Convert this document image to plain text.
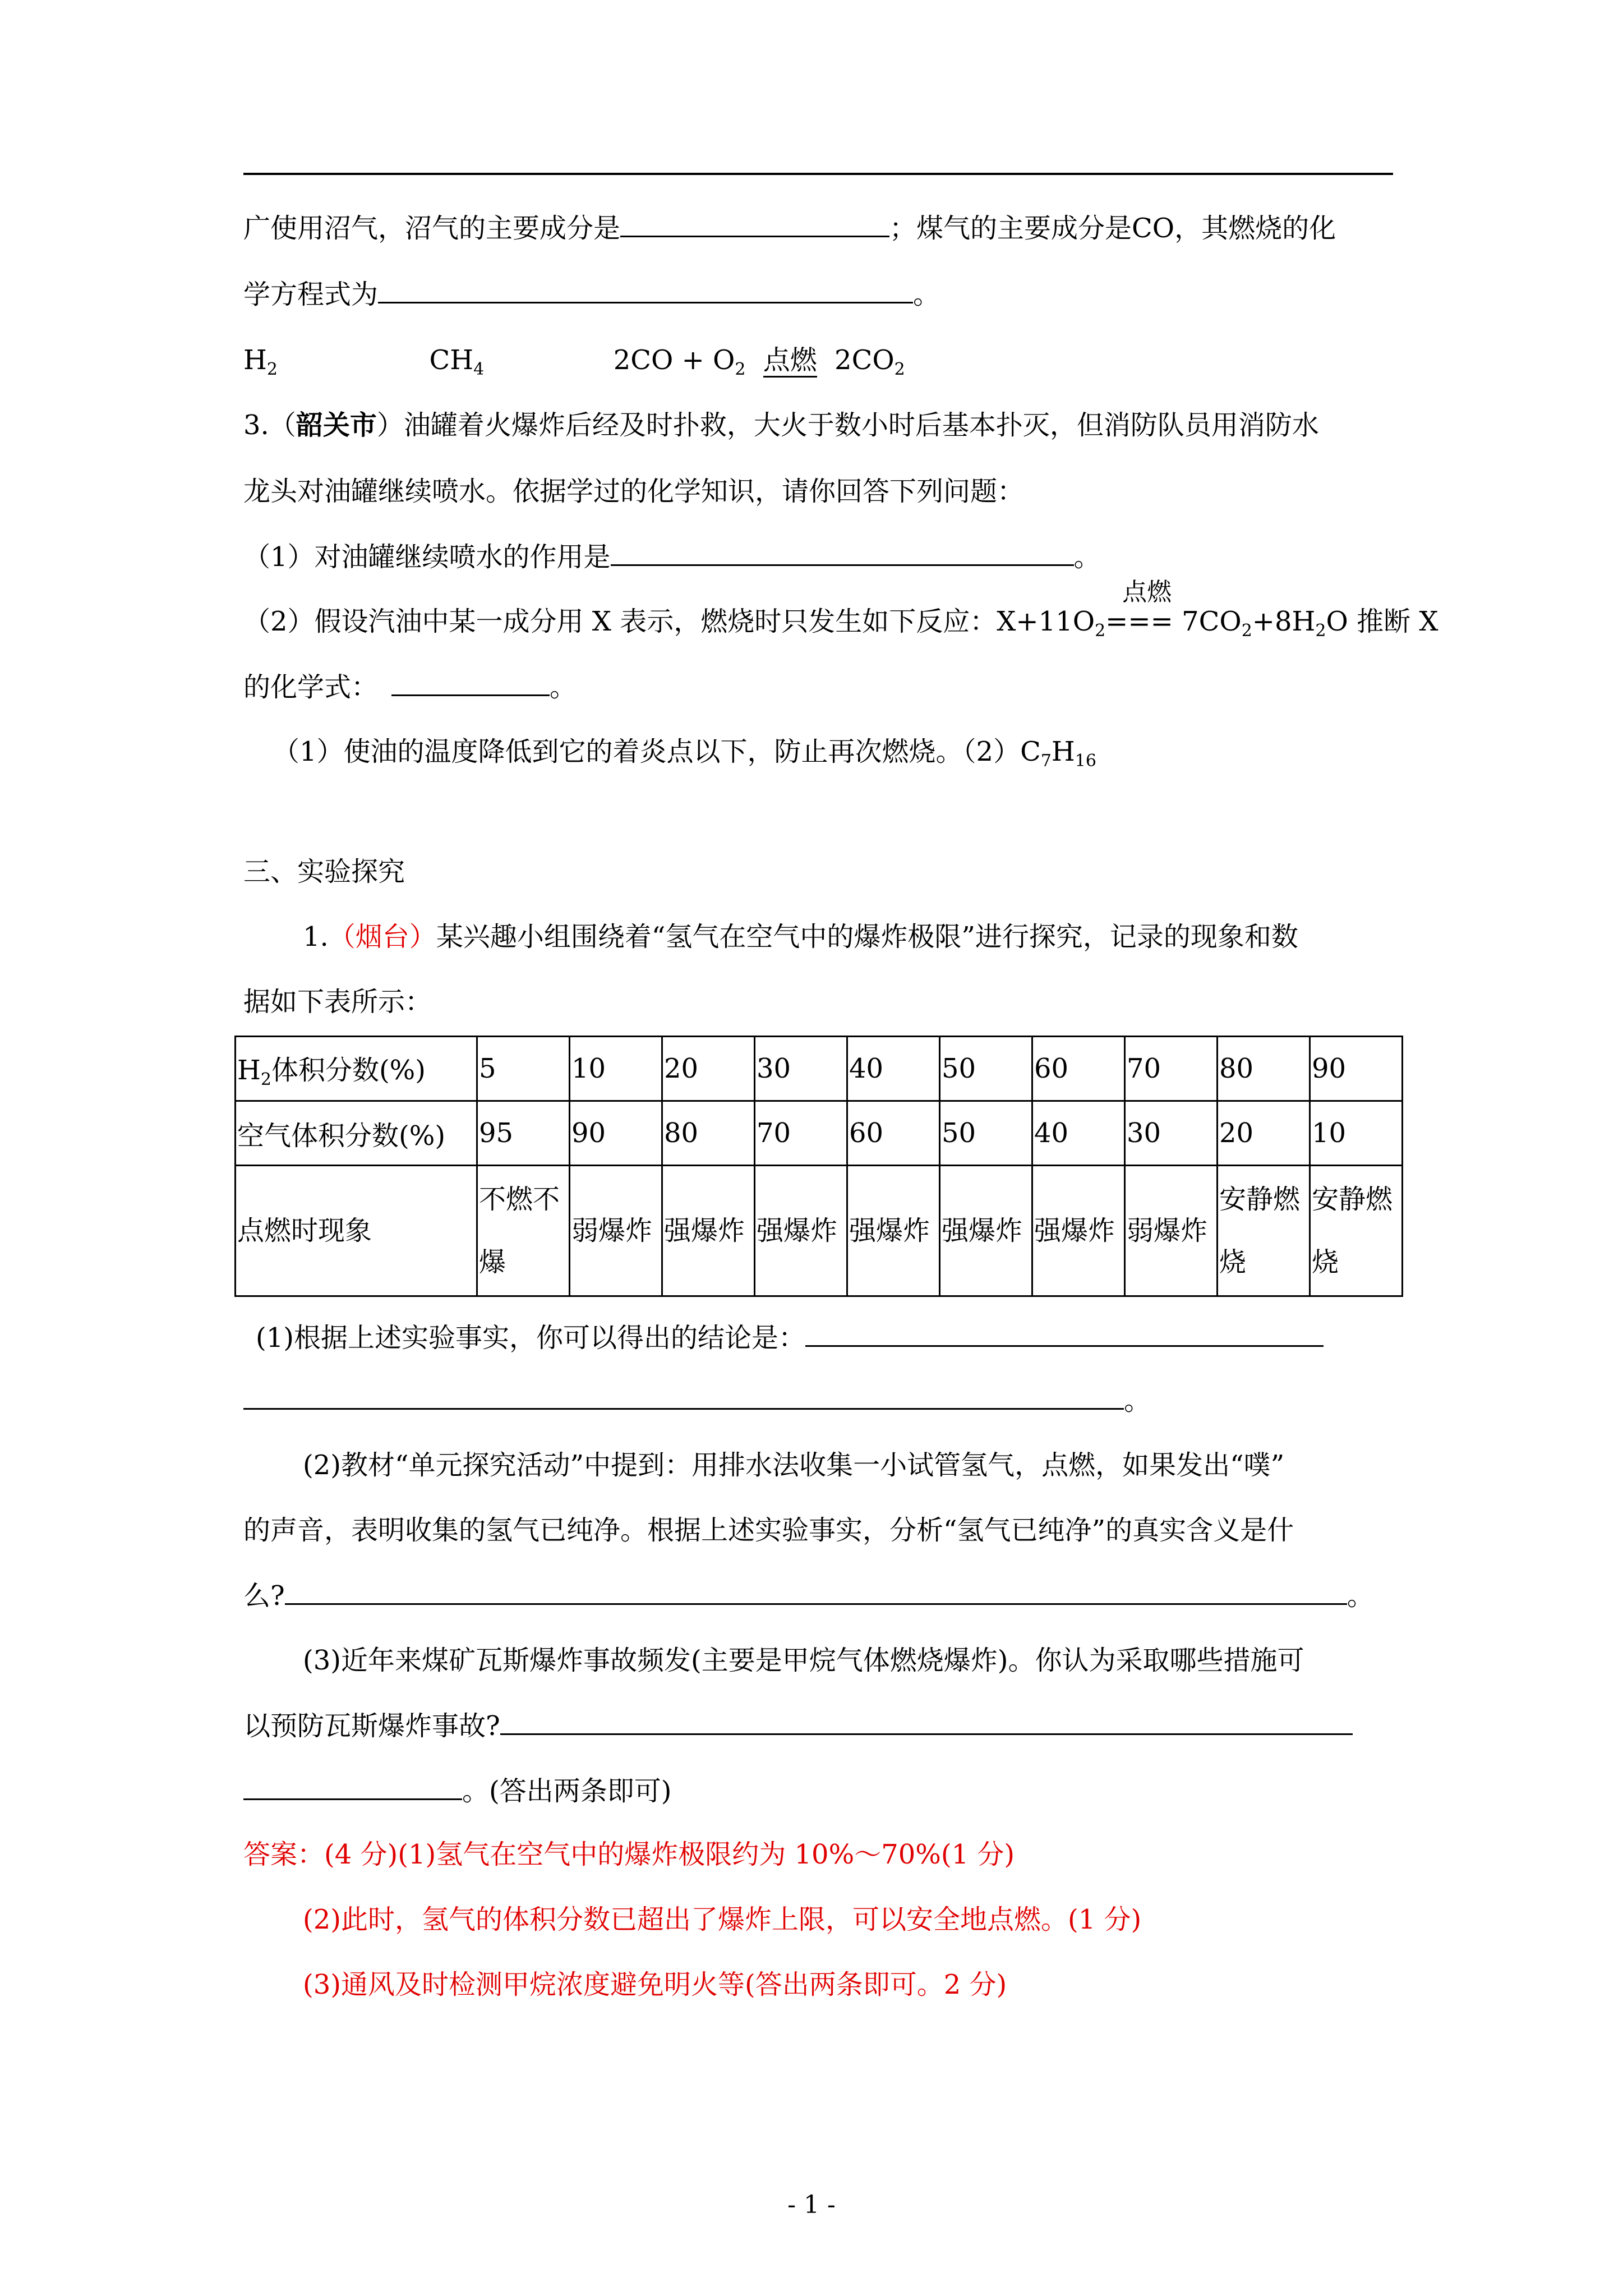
广使用沼气，沼气的主要成分是	；煤气的主要成分是CO，其燃烧的化
学方程式为	。
$H_2$	$CH_4$	$2CO + O_2$ 点燃 $2CO_2$
3.（韶关市）油罐着火爆炸后经及时扑救，大火于数小时后基本扑灭，但消防队员用消防水
龙头对油罐继续喷水。依据学过的化学知识，请你回答下列问题：
（1）对油罐继续喷水的作用是	。
（2）假设汽油中某一成分用 X 表示，燃烧时只发生如下反应：$X+11O_2$
点燃
=== $7CO_2+8H_2O$ 推断 X
的化学式：	。
（1）使油的温度降低到它的着炎点以下，防止再次燃烧。$(2)C_7H_{16}$
三、实验探究
1.（烟台）某兴趣小组围绕着“氢气在空气中的爆炸极限”进行探究，记录的现象和数
据如下表所示：
$H_2$体积分数(%)	5	10	20	30	40	50	60	70	80	90
空气体积分数(%)	95	90	80	70	60	50	40	30	20	10
点燃时现象	不燃不爆	弱爆炸	强爆炸	强爆炸	强爆炸	强爆炸	强爆炸	弱爆炸	安静燃烧	安静燃烧
(1)根据上述实验事实，你可以得出的结论是：
。
(2)教材“单元探究活动”中提到：用排水法收集一小试管氢气，点燃，如果发出“噗”
的声音，表明收集的氢气已纯净。根据上述实验事实，分析“氢气已纯净”的真实含义是什
么?	。
(3)近年来煤矿瓦斯爆炸事故频发(主要是甲烷气体燃烧爆炸)。你认为采取哪些措施可
以预防瓦斯爆炸事故?
。(答出两条即可)
答案：(4 分)(1)氢气在空气中的爆炸极限约为 10%～70%(1 分)
(2)此时，氢气的体积分数已超出了爆炸上限，可以安全地点燃。(1 分)
(3)通风及时检测甲烷浓度避免明火等(答出两条即可。2 分)
- 1 -
